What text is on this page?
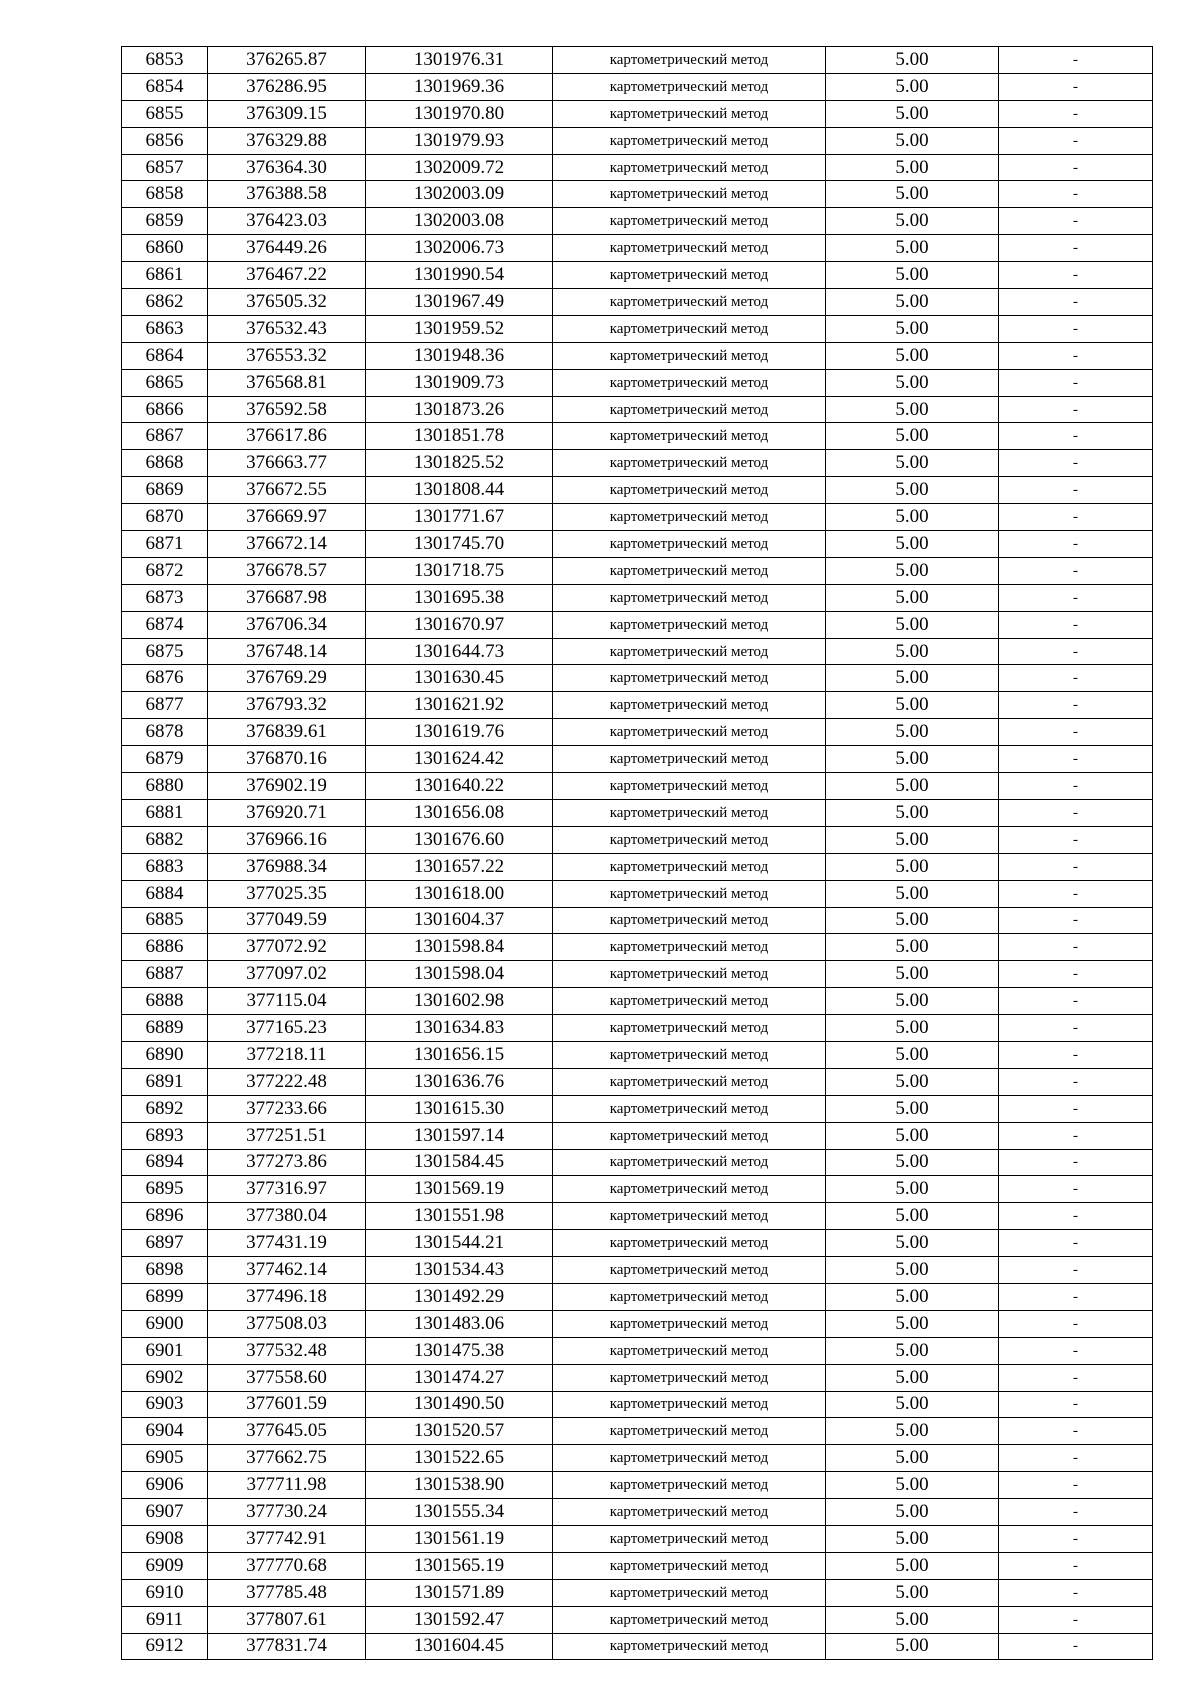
6853	376265.87	1301976.31	картометрический метод	5.00	-
6854	376286.95	1301969.36	картометрический метод	5.00	-
6855	376309.15	1301970.80	картометрический метод	5.00	-
6856	376329.88	1301979.93	картометрический метод	5.00	-
6857	376364.30	1302009.72	картометрический метод	5.00	-
6858	376388.58	1302003.09	картометрический метод	5.00	-
6859	376423.03	1302003.08	картометрический метод	5.00	-
6860	376449.26	1302006.73	картометрический метод	5.00	-
6861	376467.22	1301990.54	картометрический метод	5.00	-
6862	376505.32	1301967.49	картометрический метод	5.00	-
6863	376532.43	1301959.52	картометрический метод	5.00	-
6864	376553.32	1301948.36	картометрический метод	5.00	-
6865	376568.81	1301909.73	картометрический метод	5.00	-
6866	376592.58	1301873.26	картометрический метод	5.00	-
6867	376617.86	1301851.78	картометрический метод	5.00	-
6868	376663.77	1301825.52	картометрический метод	5.00	-
6869	376672.55	1301808.44	картометрический метод	5.00	-
6870	376669.97	1301771.67	картометрический метод	5.00	-
6871	376672.14	1301745.70	картометрический метод	5.00	-
6872	376678.57	1301718.75	картометрический метод	5.00	-
6873	376687.98	1301695.38	картометрический метод	5.00	-
6874	376706.34	1301670.97	картометрический метод	5.00	-
6875	376748.14	1301644.73	картометрический метод	5.00	-
6876	376769.29	1301630.45	картометрический метод	5.00	-
6877	376793.32	1301621.92	картометрический метод	5.00	-
6878	376839.61	1301619.76	картометрический метод	5.00	-
6879	376870.16	1301624.42	картометрический метод	5.00	-
6880	376902.19	1301640.22	картометрический метод	5.00	-
6881	376920.71	1301656.08	картометрический метод	5.00	-
6882	376966.16	1301676.60	картометрический метод	5.00	-
6883	376988.34	1301657.22	картометрический метод	5.00	-
6884	377025.35	1301618.00	картометрический метод	5.00	-
6885	377049.59	1301604.37	картометрический метод	5.00	-
6886	377072.92	1301598.84	картометрический метод	5.00	-
6887	377097.02	1301598.04	картометрический метод	5.00	-
6888	377115.04	1301602.98	картометрический метод	5.00	-
6889	377165.23	1301634.83	картометрический метод	5.00	-
6890	377218.11	1301656.15	картометрический метод	5.00	-
6891	377222.48	1301636.76	картометрический метод	5.00	-
6892	377233.66	1301615.30	картометрический метод	5.00	-
6893	377251.51	1301597.14	картометрический метод	5.00	-
6894	377273.86	1301584.45	картометрический метод	5.00	-
6895	377316.97	1301569.19	картометрический метод	5.00	-
6896	377380.04	1301551.98	картометрический метод	5.00	-
6897	377431.19	1301544.21	картометрический метод	5.00	-
6898	377462.14	1301534.43	картометрический метод	5.00	-
6899	377496.18	1301492.29	картометрический метод	5.00	-
6900	377508.03	1301483.06	картометрический метод	5.00	-
6901	377532.48	1301475.38	картометрический метод	5.00	-
6902	377558.60	1301474.27	картометрический метод	5.00	-
6903	377601.59	1301490.50	картометрический метод	5.00	-
6904	377645.05	1301520.57	картометрический метод	5.00	-
6905	377662.75	1301522.65	картометрический метод	5.00	-
6906	377711.98	1301538.90	картометрический метод	5.00	-
6907	377730.24	1301555.34	картометрический метод	5.00	-
6908	377742.91	1301561.19	картометрический метод	5.00	-
6909	377770.68	1301565.19	картометрический метод	5.00	-
6910	377785.48	1301571.89	картометрический метод	5.00	-
6911	377807.61	1301592.47	картометрический метод	5.00	-
6912	377831.74	1301604.45	картометрический метод	5.00	-
